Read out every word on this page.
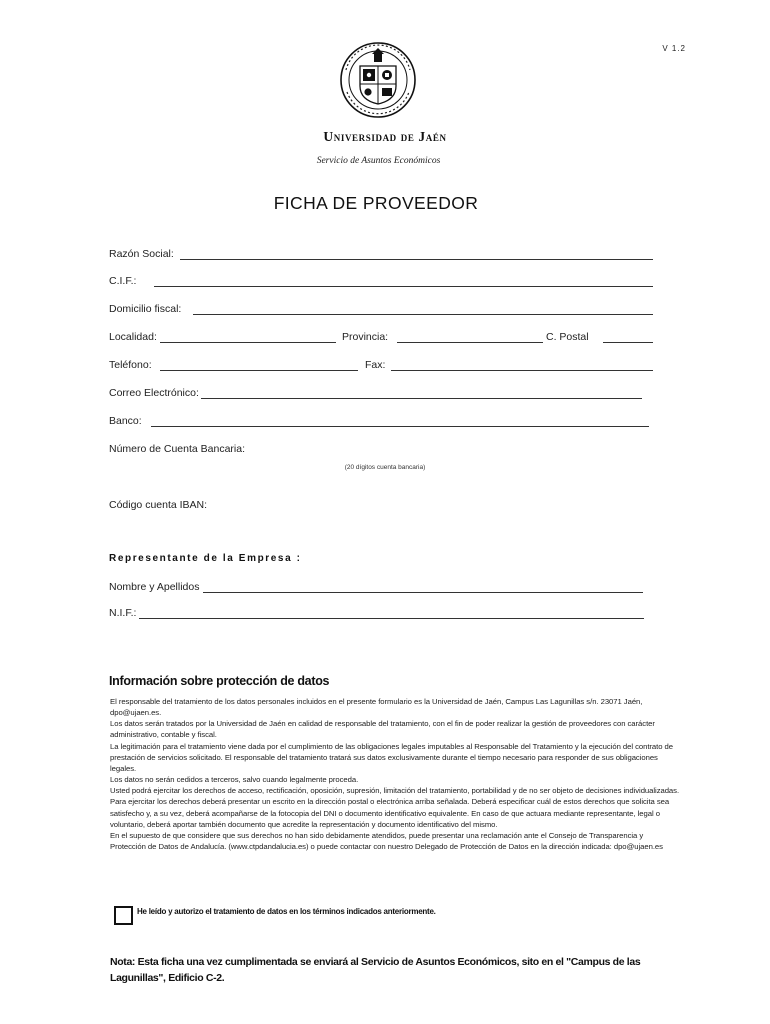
V 1.2
Universidad de Jaén
Servicio de Asuntos Económicos
FICHA DE PROVEEDOR
Razón Social:
C.I.F.:
Domicilio fiscal:
Localidad:	Provincia:	C. Postal
Teléfono:	Fax:
Correo Electrónico:
Banco:
Número de Cuenta Bancaria:
(20 dígitos cuenta bancaria)
Código cuenta IBAN:
Representante de la Empresa :
Nombre y Apellidos
N.I.F.:
Información sobre protección de datos

El responsable del tratamiento de los datos personales incluidos en el presente formulario es la Universidad de Jaén, Campus Las Lagunillas s/n. 23071 Jaén, dpo@ujaen.es.

Los datos serán tratados por la Universidad de Jaén en calidad de responsable del tratamiento, con el fin de poder realizar la gestión de proveedores con carácter administrativo, contable y fiscal.

La legitimación para el tratamiento viene dada por el cumplimiento de las obligaciones legales imputables al Responsable del Tratamiento y la ejecución del contrato de prestación de servicios solicitado. El responsable del tratamiento tratará sus datos exclusivamente durante el tiempo necesario para responder de sus obligaciones legales.

Los datos no serán cedidos a terceros, salvo cuando legalmente proceda.

Usted podrá ejercitar los derechos de acceso, rectificación, oposición, supresión, limitación del tratamiento, portabilidad y de no ser objeto de decisiones individualizadas.

Para ejercitar los derechos deberá presentar un escrito en la dirección postal o electrónica arriba señalada. Deberá especificar cuál de estos derechos que solicita sea satisfecho y, a su vez, deberá acompañarse de la fotocopia del DNI o documento identificativo equivalente. En caso de que actuara mediante representante, legal o voluntario, deberá aportar también documento que acredite la representación y documento identificativo del mismo.

En el supuesto de que considere que sus derechos no han sido debidamente atendidos, puede presentar una reclamación ante el Consejo de Transparencia y Protección de Datos de Andalucía. (www.ctpdandalucia.es) o puede contactar con nuestro Delegado de Protección de Datos en la dirección indicada: dpo@ujaen.es

He leído y autorizo el tratamiento de datos en los términos indicados anteriormente.
Nota: Esta ficha una vez cumplimentada se enviará al Servicio de Asuntos Económicos, sito en el "Campus de las Lagunillas", Edificio C-2.
